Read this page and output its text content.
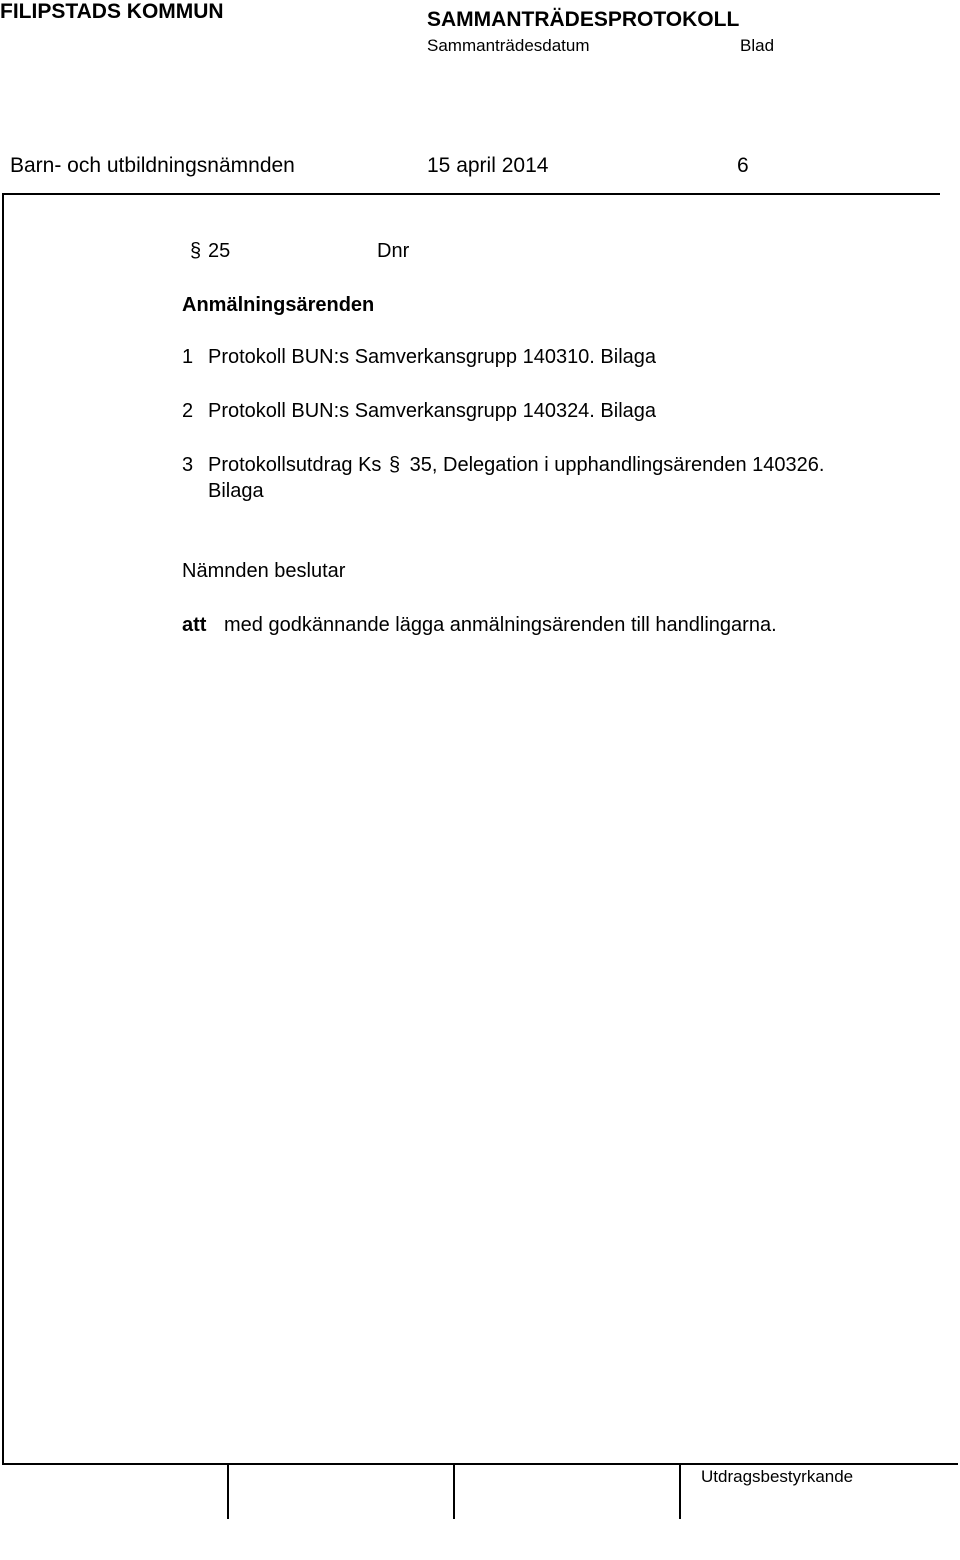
FILIPSTADS KOMMUN	SAMMANTRÄDESPROTOKOLL
Sammanträdesdatum	Blad
Barn- och utbildningsnämnden	15 april 2014	6
§ 25	Dnr
Anmälningsärenden
1 Protokoll BUN:s Samverkansgrupp 140310. Bilaga
2 Protokoll BUN:s Samverkansgrupp 140324. Bilaga
3 Protokollsutdrag Ks § 35, Delegation i upphandlingsärenden 140326.
Bilaga
Nämnden beslutar
att med godkännande lägga anmälningsärenden till handlingarna.
Utdragsbestyrkande
